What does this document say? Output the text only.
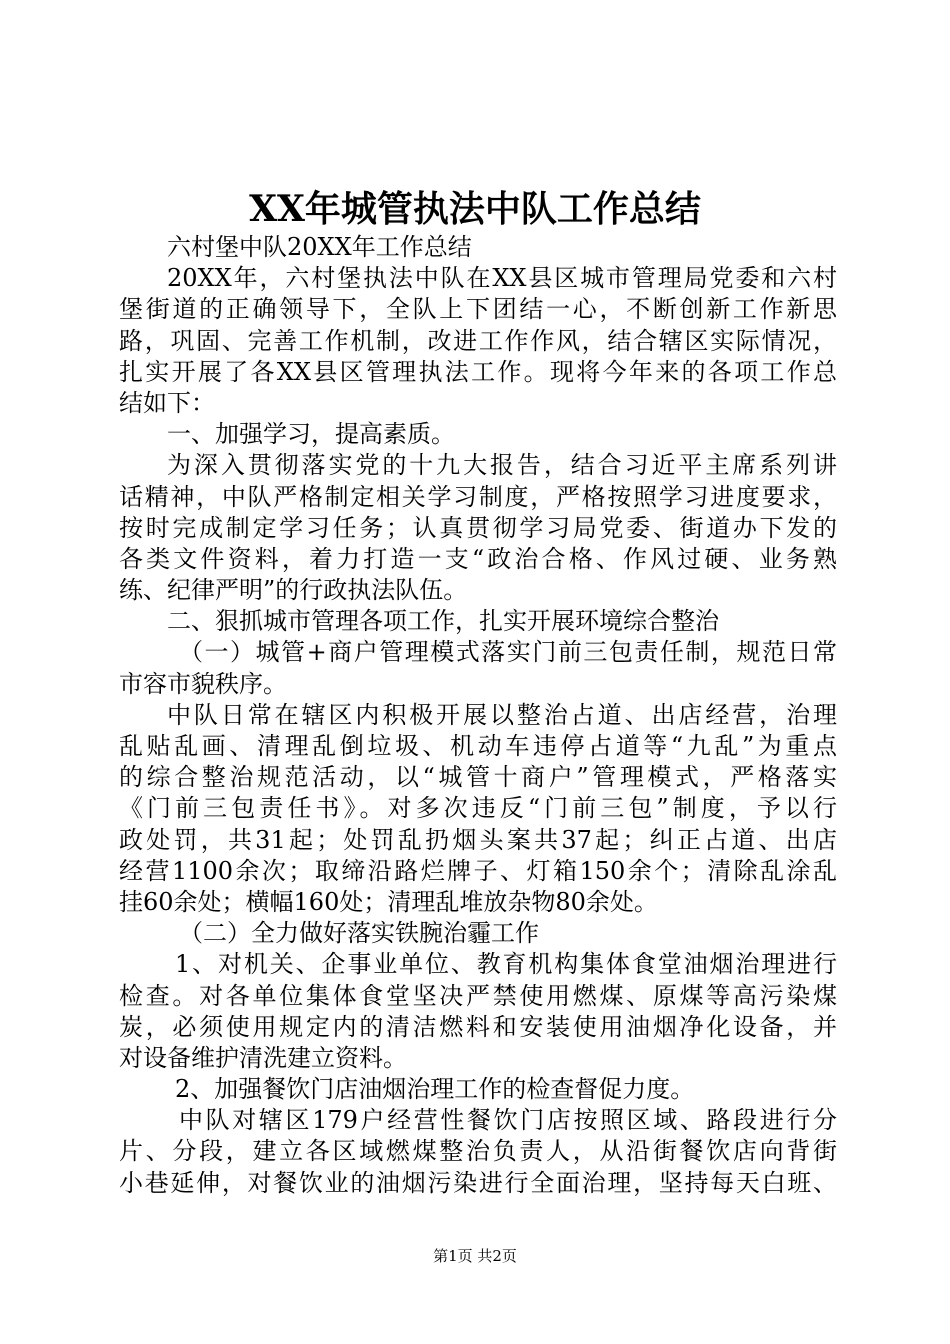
XX年城管执法中队工作总结
六村堡中队20XX年工作总结
20XX年，六村堡执法中队在XX县区城市管理局党委和六村
堡街道的正确领导下，全队上下团结一心，不断创新工作新思
路，巩固、完善工作机制，改进工作作风，结合辖区实际情况，
扎实开展了各XX县区管理执法工作。现将今年来的各项工作总
结如下：
一、加强学习，提高素质。
为深入贯彻落实党的十九大报告，结合习近平主席系列讲
话精神，中队严格制定相关学习制度，严格按照学习进度要求，
按时完成制定学习任务；认真贯彻学习局党委、街道办下发的
各类文件资料，着力打造一支“政治合格、作风过硬、业务熟
练、纪律严明”的行政执法队伍。
二、狠抓城市管理各项工作，扎实开展环境综合整治
（一）城管+商户管理模式落实门前三包责任制，规范日常
市容市貌秩序。
中队日常在辖区内积极开展以整治占道、出店经营，治理
乱贴乱画、清理乱倒垃圾、机动车违停占道等“九乱”为重点
的综合整治规范活动，以“城管十商户”管理模式，严格落实
《门前三包责任书》。对多次违反“门前三包”制度，予以行
政处罚，共31起；处罚乱扔烟头案共37起；纠正占道、出店
经营1100余次；取缔沿路烂牌子、灯箱150余个；清除乱涂乱
挂60余处；横幅160处；清理乱堆放杂物80余处。
（二）全力做好落实铁腕治霾工作
1、对机关、企事业单位、教育机构集体食堂油烟治理进行
检查。对各单位集体食堂坚决严禁使用燃煤、原煤等高污染煤
炭，必须使用规定内的清洁燃料和安装使用油烟净化设备，并
对设备维护清洗建立资料。
2、加强餐饮门店油烟治理工作的检查督促力度。
中队对辖区179户经营性餐饮门店按照区域、路段进行分
片、分段，建立各区域燃煤整治负责人，从沿街餐饮店向背街
小巷延伸，对餐饮业的油烟污染进行全面治理，坚持每天白班、
第1页 共2页
